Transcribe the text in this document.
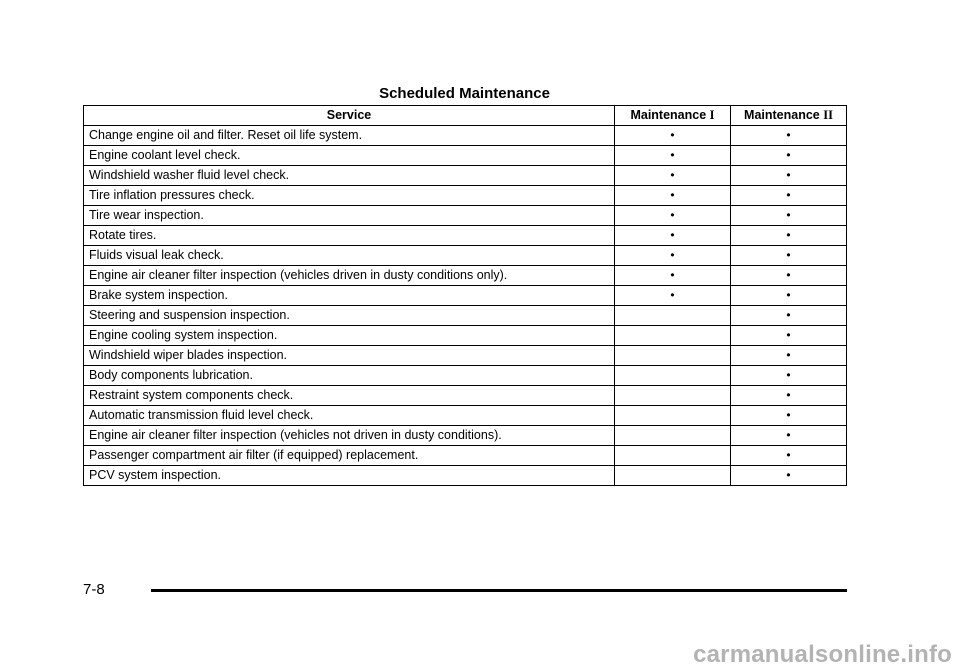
Scheduled Maintenance
Service	Maintenance I	Maintenance II
Change engine oil and filter. Reset oil life system.	•	•
Engine coolant level check.	•	•
Windshield washer fluid level check.	•	•
Tire inflation pressures check.	•	•
Tire wear inspection.	•	•
Rotate tires.	•	•
Fluids visual leak check.	•	•
Engine air cleaner filter inspection (vehicles driven in dusty conditions only).	•	•
Brake system inspection.	•	•
Steering and suspension inspection.		•
Engine cooling system inspection.		•
Windshield wiper blades inspection.		•
Body components lubrication.		•
Restraint system components check.		•
Automatic transmission fluid level check.		•
Engine air cleaner filter inspection (vehicles not driven in dusty conditions).		•
Passenger compartment air filter (if equipped) replacement.		•
PCV system inspection.		•
7-8
carmanualsonline.info
